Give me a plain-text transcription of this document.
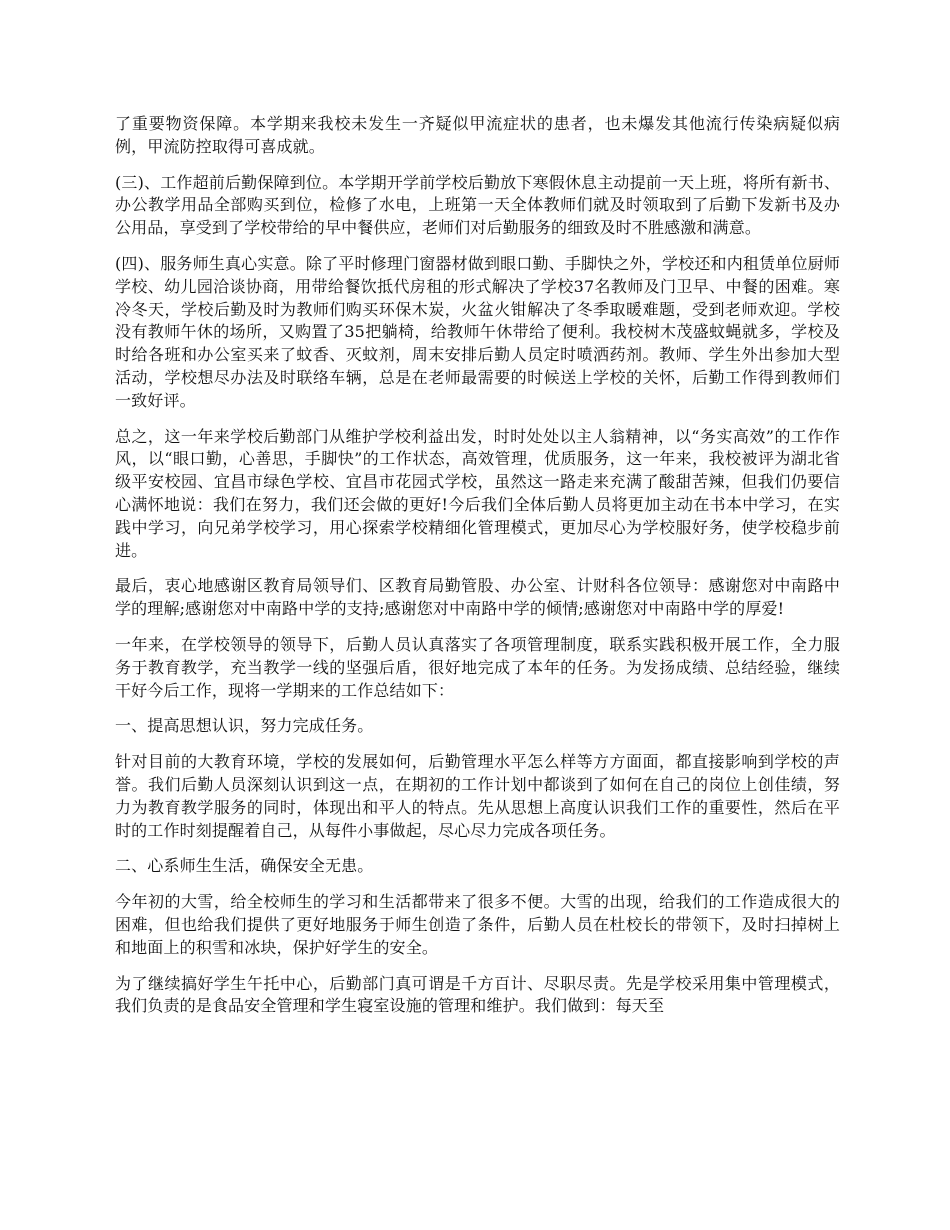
了重要物资保障。本学期来我校未发生一齐疑似甲流症状的患者，也未爆发其他流行传染病疑似病例，甲流防控取得可喜成就。

(三)、工作超前后勤保障到位。本学期开学前学校后勤放下寒假休息主动提前一天上班，将所有新书、办公教学用品全部购买到位，检修了水电，上班第一天全体教师们就及时领取到了后勤下发新书及办公用品，享受到了学校带给的早中餐供应，老师们对后勤服务的细致及时不胜感激和满意。

(四)、服务师生真心实意。除了平时修理门窗器材做到眼口勤、手脚快之外，学校还和内租赁单位厨师学校、幼儿园洽谈协商，用带给餐饮抵代房租的形式解决了学校37名教师及门卫早、中餐的困难。寒冷冬天，学校后勤及时为教师们购买环保木炭，火盆火钳解决了冬季取暖难题，受到老师欢迎。学校没有教师午休的场所，又购置了35把躺椅，给教师午休带给了便利。我校树木茂盛蚊蝇就多，学校及时给各班和办公室买来了蚊香、灭蚊剂，周末安排后勤人员定时喷洒药剂。教师、学生外出参加大型活动，学校想尽办法及时联络车辆，总是在老师最需要的时候送上学校的关怀，后勤工作得到教师们一致好评。

总之，这一年来学校后勤部门从维护学校利益出发，时时处处以主人翁精神，以“务实高效”的工作作风，以“眼口勤，心善思，手脚快”的工作状态，高效管理，优质服务，这一年来，我校被评为湖北省级平安校园、宜昌市绿色学校、宜昌市花园式学校，虽然这一路走来充满了酸甜苦辣，但我们仍要信心满怀地说：我们在努力，我们还会做的更好!今后我们全体后勤人员将更加主动在书本中学习，在实践中学习，向兄弟学校学习，用心探索学校精细化管理模式，更加尽心为学校服好务，使学校稳步前进。

最后，衷心地感谢区教育局领导们、区教育局勤管股、办公室、计财科各位领导：感谢您对中南路中学的理解;感谢您对中南路中学的支持;感谢您对中南路中学的倾情;感谢您对中南路中学的厚爱!

一年来，在学校领导的领导下，后勤人员认真落实了各项管理制度，联系实践积极开展工作，全力服务于教育教学，充当教学一线的坚强后盾，很好地完成了本年的任务。为发扬成绩、总结经验，继续干好今后工作，现将一学期来的工作总结如下：

一、提高思想认识，努力完成任务。

针对目前的大教育环境，学校的发展如何，后勤管理水平怎么样等方方面面，都直接影响到学校的声誉。我们后勤人员深刻认识到这一点，在期初的工作计划中都谈到了如何在自己的岗位上创佳绩，努力为教育教学服务的同时，体现出和平人的特点。先从思想上高度认识我们工作的重要性，然后在平时的工作时刻提醒着自己，从每件小事做起，尽心尽力完成各项任务。

二、心系师生生活，确保安全无患。

今年初的大雪，给全校师生的学习和生活都带来了很多不便。大雪的出现，给我们的工作造成很大的困难，但也给我们提供了更好地服务于师生创造了条件，后勤人员在杜校长的带领下，及时扫掉树上和地面上的积雪和冰块，保护好学生的安全。

为了继续搞好学生午托中心，后勤部门真可谓是千方百计、尽职尽责。先是学校采用集中管理模式，我们负责的是食品安全管理和学生寝室设施的管理和维护。我们做到：每天至
